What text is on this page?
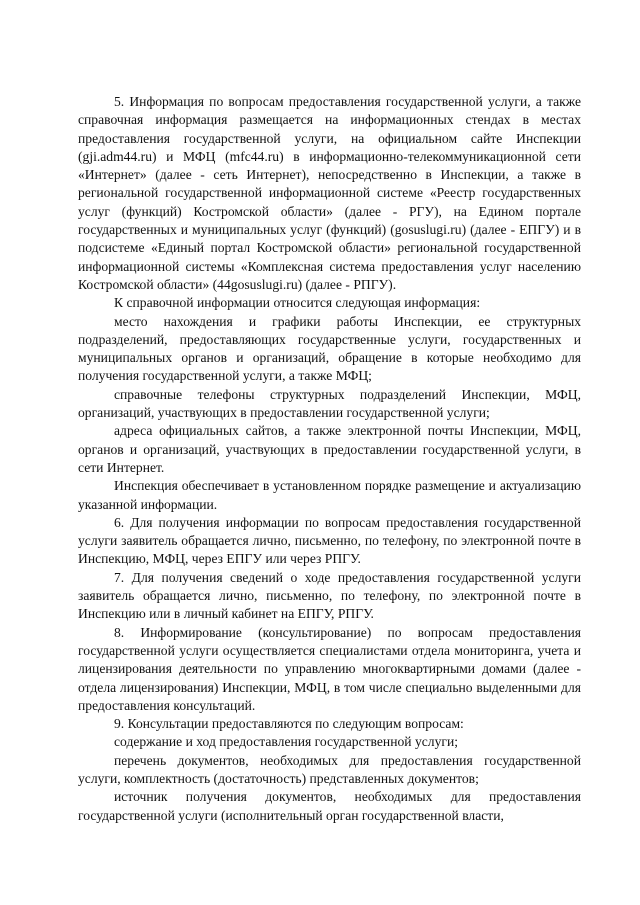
5. Информация по вопросам предоставления государственной услуги, а также справочная информация размещается на информационных стендах в местах предоставления государственной услуги, на официальном сайте Инспекции (gji.adm44.ru) и МФЦ (mfc44.ru) в информационно-телекоммуникационной сети «Интернет» (далее - сеть Интернет), непосредственно в Инспекции, а также в региональной государственной информационной системе «Реестр государственных услуг (функций) Костромской области» (далее - РГУ), на Едином портале государственных и муниципальных услуг (функций) (gosuslugi.ru) (далее - ЕПГУ) и в подсистеме «Единый портал Костромской области» региональной государственной информационной системы «Комплексная система предоставления услуг населению Костромской области» (44gosuslugi.ru) (далее - РПГУ).

К справочной информации относится следующая информация:

место нахождения и графики работы Инспекции, ее структурных подразделений, предоставляющих государственные услуги, государственных и муниципальных органов и организаций, обращение в которые необходимо для получения государственной услуги, а также МФЦ;

справочные телефоны структурных подразделений Инспекции, МФЦ, организаций, участвующих в предоставлении государственной услуги;

адреса официальных сайтов, а также электронной почты Инспекции, МФЦ, органов и организаций, участвующих в предоставлении государственной услуги, в сети Интернет.

Инспекция обеспечивает в установленном порядке размещение и актуализацию указанной информации.

6. Для получения информации по вопросам предоставления государственной услуги заявитель обращается лично, письменно, по телефону, по электронной почте в Инспекцию, МФЦ, через ЕПГУ или через РПГУ.

7. Для получения сведений о ходе предоставления государственной услуги заявитель обращается лично, письменно, по телефону, по электронной почте в Инспекцию или в личный кабинет на ЕПГУ, РПГУ.

8. Информирование (консультирование) по вопросам предоставления государственной услуги осуществляется специалистами отдела мониторинга, учета и лицензирования деятельности по управлению многоквартирными домами (далее - отдела лицензирования) Инспекции, МФЦ, в том числе специально выделенными для предоставления консультаций.

9. Консультации предоставляются по следующим вопросам:

содержание и ход предоставления государственной услуги;

перечень документов, необходимых для предоставления государственной услуги, комплектность (достаточность) представленных документов;

источник получения документов, необходимых для предоставления государственной услуги (исполнительный орган государственной власти,
